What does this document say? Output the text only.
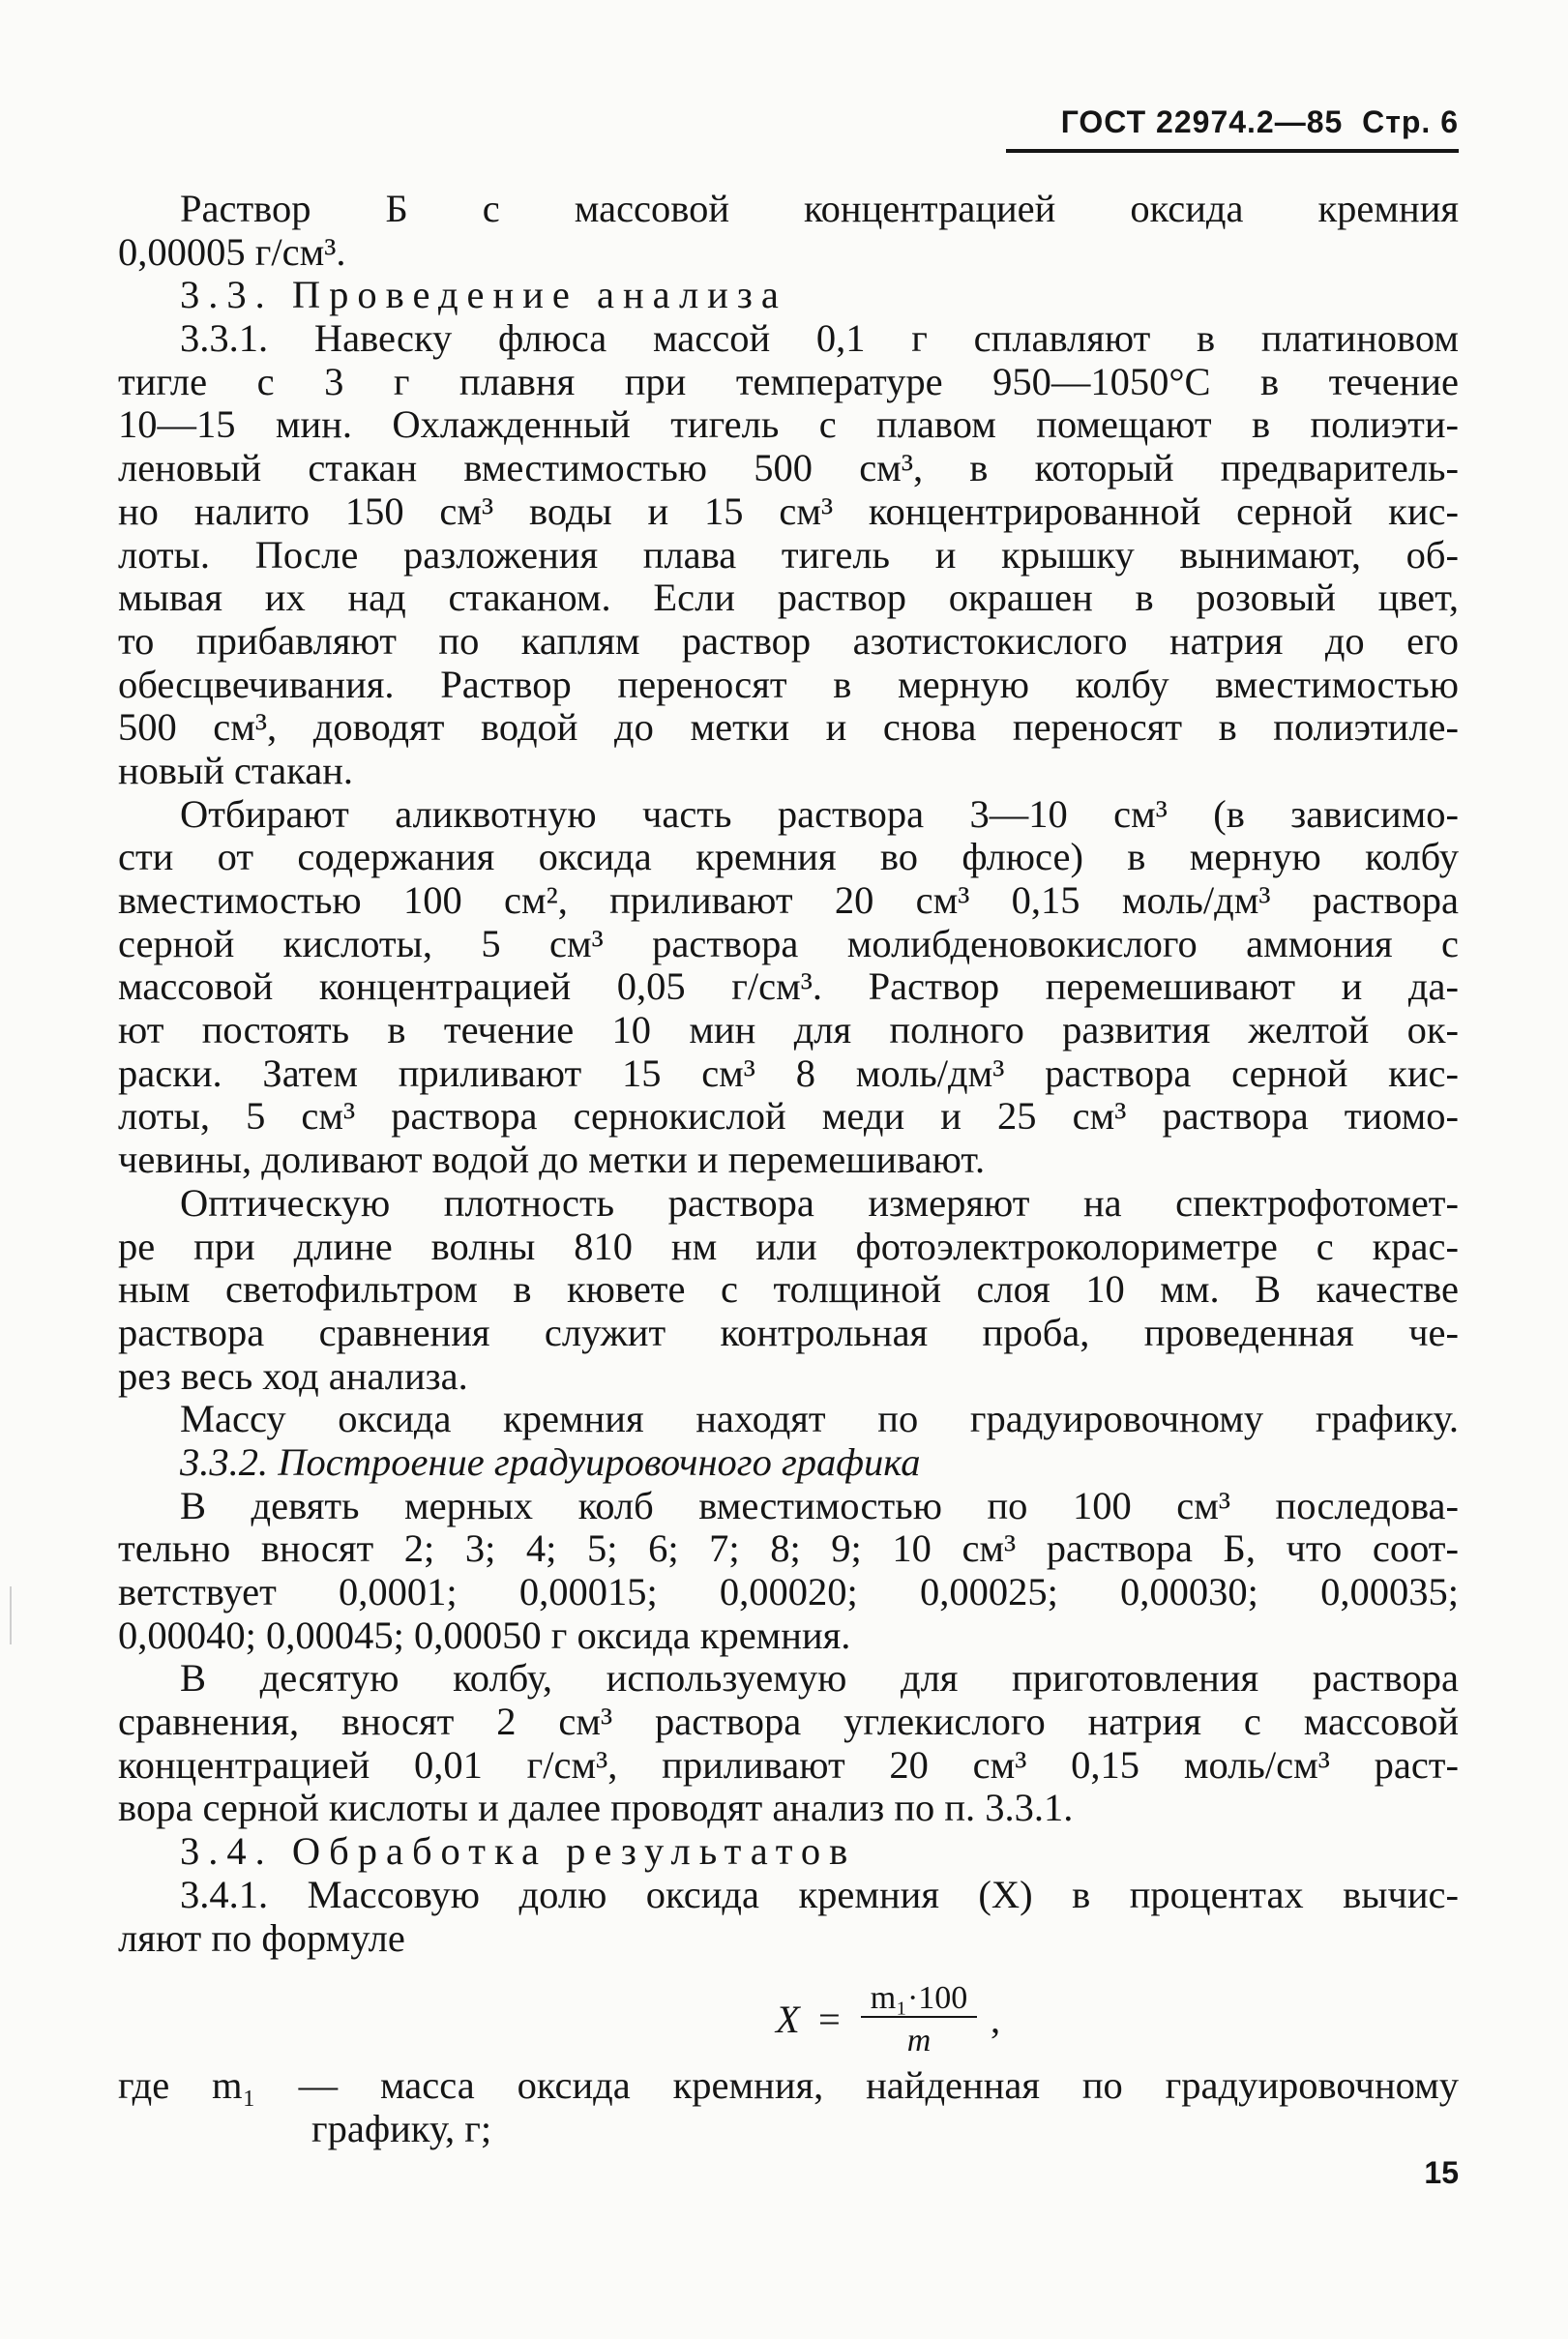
ГОСТ 22974.2—85 Стр. 6
Раствор Б с массовой концентрацией оксида кремния
0,00005 г/см³.
3.3. Проведение анализа
3.3.1. Навеску флюса массой 0,1 г сплавляют в платиновом
тигле с 3 г плавня при температуре 950—1050°С в течение
10—15 мин. Охлажденный тигель с плавом помещают в полиэти-
леновый стакан вместимостью 500 см³, в который предваритель-
но налито 150 см³ воды и 15 см³ концентрированной серной кис-
лоты. После разложения плава тигель и крышку вынимают, об-
мывая их над стаканом. Если раствор окрашен в розовый цвет,
то прибавляют по каплям раствор азотистокислого натрия до его
обесцвечивания. Раствор переносят в мерную колбу вместимостью
500 см³, доводят водой до метки и снова переносят в полиэтиле-
новый стакан.
Отбирают аликвотную часть раствора 3—10 см³ (в зависимо-
сти от содержания оксида кремния во флюсе) в мерную колбу
вместимостью 100 см², приливают 20 см³ 0,15 моль/дм³ раствора
серной кислоты, 5 см³ раствора молибденовокислого аммония с
массовой концентрацией 0,05 г/см³. Раствор перемешивают и да-
ют постоять в течение 10 мин для полного развития желтой ок-
раски. Затем приливают 15 см³ 8 моль/дм³ раствора серной кис-
лоты, 5 см³ раствора сернокислой меди и 25 см³ раствора тиомо-
чевины, доливают водой до метки и перемешивают.
Оптическую плотность раствора измеряют на спектрофотомет-
ре при длине волны 810 нм или фотоэлектроколориметре с крас-
ным светофильтром в кювете с толщиной слоя 10 мм. В качестве
раствора сравнения служит контрольная проба, проведенная че-
рез весь ход анализа.
Массу оксида кремния находят по градуировочному графику.
3.3.2. Построение градуировочного графика
В девять мерных колб вместимостью по 100 см³ последова-
тельно вносят 2; 3; 4; 5; 6; 7; 8; 9; 10 см³ раствора Б, что соот-
ветствует 0,0001; 0,00015; 0,00020; 0,00025; 0,00030; 0,00035;
0,00040; 0,00045; 0,00050 г оксида кремния.
В десятую колбу, используемую для приготовления раствора
сравнения, вносят 2 см³ раствора углекислого натрия с массовой
концентрацией 0,01 г/см³, приливают 20 см³ 0,15 моль/см³ раст-
вора серной кислоты и далее проводят анализ по п. 3.3.1.
3.4. Обработка результатов
3.4.1. Массовую долю оксида кремния (X) в процентах вычис-
ляют по формуле
X = m₁·100
m	,
где m₁ — масса оксида кремния, найденная по градуировочному
графику, г;
15
